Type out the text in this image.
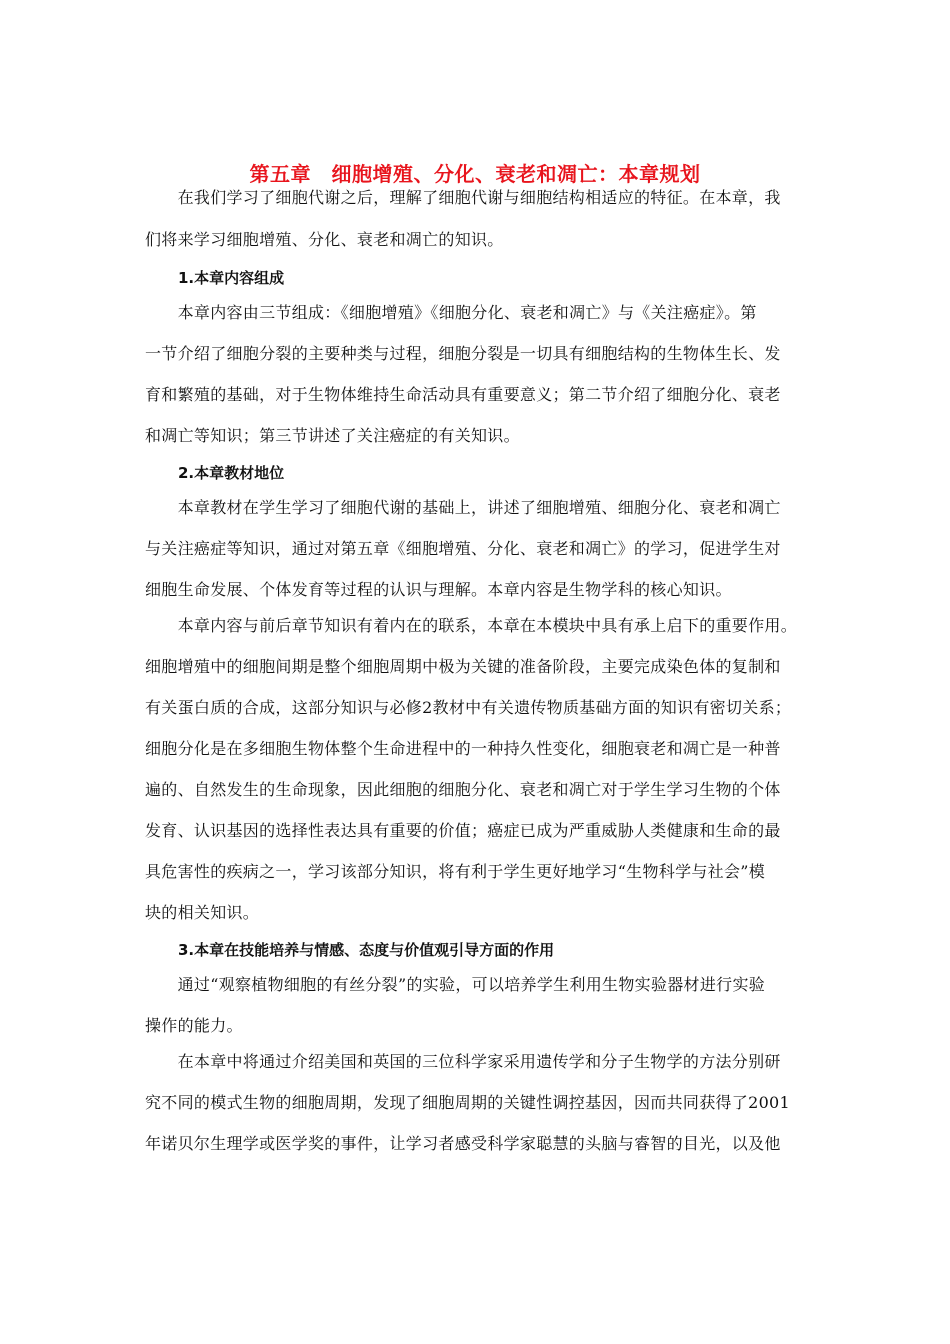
第五章　细胞增殖、分化、衰老和凋亡：本章规划
　　在我们学习了细胞代谢之后，理解了细胞代谢与细胞结构相适应的特征。在本章，我
们将来学习细胞增殖、分化、衰老和凋亡的知识。
1.本章内容组成
　　本章内容由三节组成：《细胞增殖》《细胞分化、衰老和凋亡》与《关注癌症》。第
一节介绍了细胞分裂的主要种类与过程，细胞分裂是一切具有细胞结构的生物体生长、发
育和繁殖的基础，对于生物体维持生命活动具有重要意义；第二节介绍了细胞分化、衰老
和凋亡等知识；第三节讲述了关注癌症的有关知识。
2.本章教材地位
　　本章教材在学生学习了细胞代谢的基础上，讲述了细胞增殖、细胞分化、衰老和凋亡
与关注癌症等知识，通过对第五章《细胞增殖、分化、衰老和凋亡》的学习，促进学生对
细胞生命发展、个体发育等过程的认识与理解。本章内容是生物学科的核心知识。
　　本章内容与前后章节知识有着内在的联系，本章在本模块中具有承上启下的重要作用。
细胞增殖中的细胞间期是整个细胞周期中极为关键的准备阶段，主要完成染色体的复制和
有关蛋白质的合成，这部分知识与必修2教材中有关遗传物质基础方面的知识有密切关系；
细胞分化是在多细胞生物体整个生命进程中的一种持久性变化，细胞衰老和凋亡是一种普
遍的、自然发生的生命现象，因此细胞的细胞分化、衰老和凋亡对于学生学习生物的个体
发育、认识基因的选择性表达具有重要的价值；癌症已成为严重威胁人类健康和生命的最
具危害性的疾病之一，学习该部分知识，将有利于学生更好地学习“生物科学与社会”模
块的相关知识。
3.本章在技能培养与情感、态度与价值观引导方面的作用
　　通过“观察植物细胞的有丝分裂”的实验，可以培养学生利用生物实验器材进行实验
操作的能力。
　　在本章中将通过介绍美国和英国的三位科学家采用遗传学和分子生物学的方法分别研
究不同的模式生物的细胞周期，发现了细胞周期的关键性调控基因，因而共同获得了2001
年诺贝尔生理学或医学奖的事件，让学习者感受科学家聪慧的头脑与睿智的目光，以及他
